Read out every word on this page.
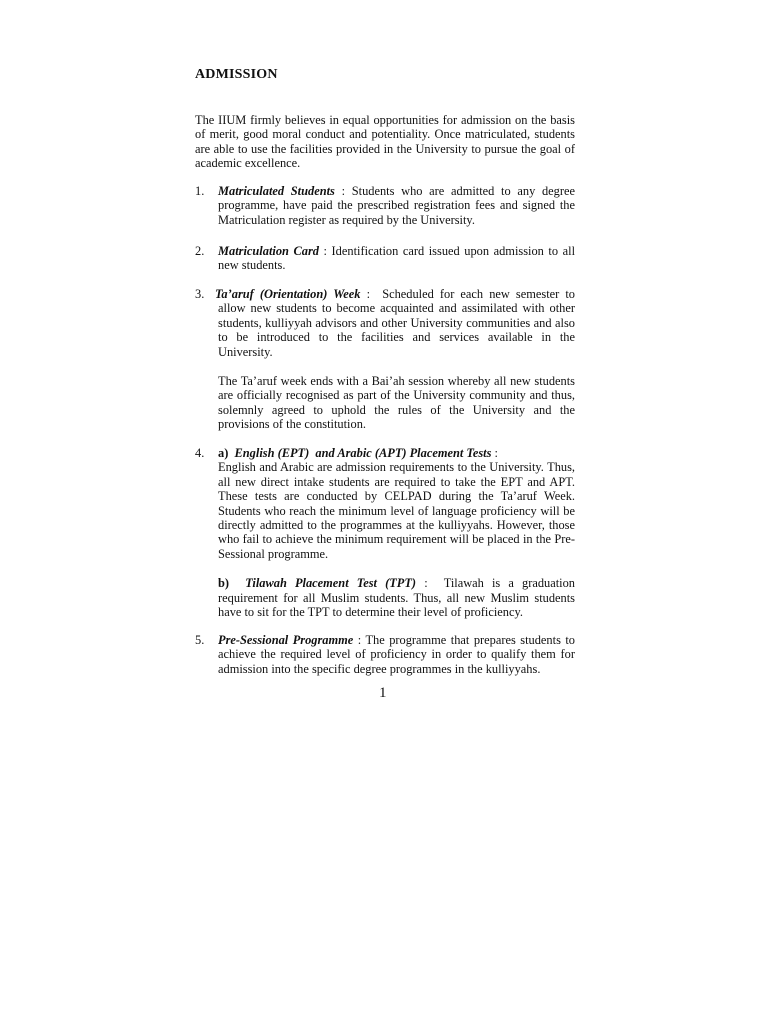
ADMISSION
The IIUM firmly believes in equal opportunities for admission on the basis of merit, good moral conduct and potentiality. Once matriculated, students are able to use the facilities provided in the University to pursue the goal of academic excellence.
1. Matriculated Students : Students who are admitted to any degree programme, have paid the prescribed registration fees and signed the Matriculation register as required by the University.
2. Matriculation Card : Identification card issued upon admission to all new students.
3. Ta’aruf (Orientation) Week :  Scheduled for each new semester to allow new students to become acquainted and assimilated with other students, kulliyyah advisors and other University communities and also to be introduced to the facilities and services available in the University.
The Ta’aruf week ends with a Bai’ah session whereby all new students are officially recognised as part of the University community and thus, solemnly agreed to uphold the rules of the University and the provisions of the constitution.
4. a) English (EPT)  and Arabic (APT) Placement Tests :
English and Arabic are admission requirements to the University. Thus, all new direct intake students are required to take the EPT and APT. These tests are conducted by CELPAD during the Ta’aruf Week. Students who reach the minimum level of language proficiency will be directly admitted to the programmes at the kulliyyahs. However, those who fail to achieve the minimum requirement will be placed in the Pre-Sessional programme.
b) Tilawah Placement Test (TPT) :  Tilawah is a graduation requirement for all Muslim students. Thus, all new Muslim students have to sit for the TPT to determine their level of proficiency.
5. Pre-Sessional Programme : The programme that prepares students to achieve the required level of proficiency in order to qualify them for admission into the specific degree programmes in the kulliyyahs.
1
